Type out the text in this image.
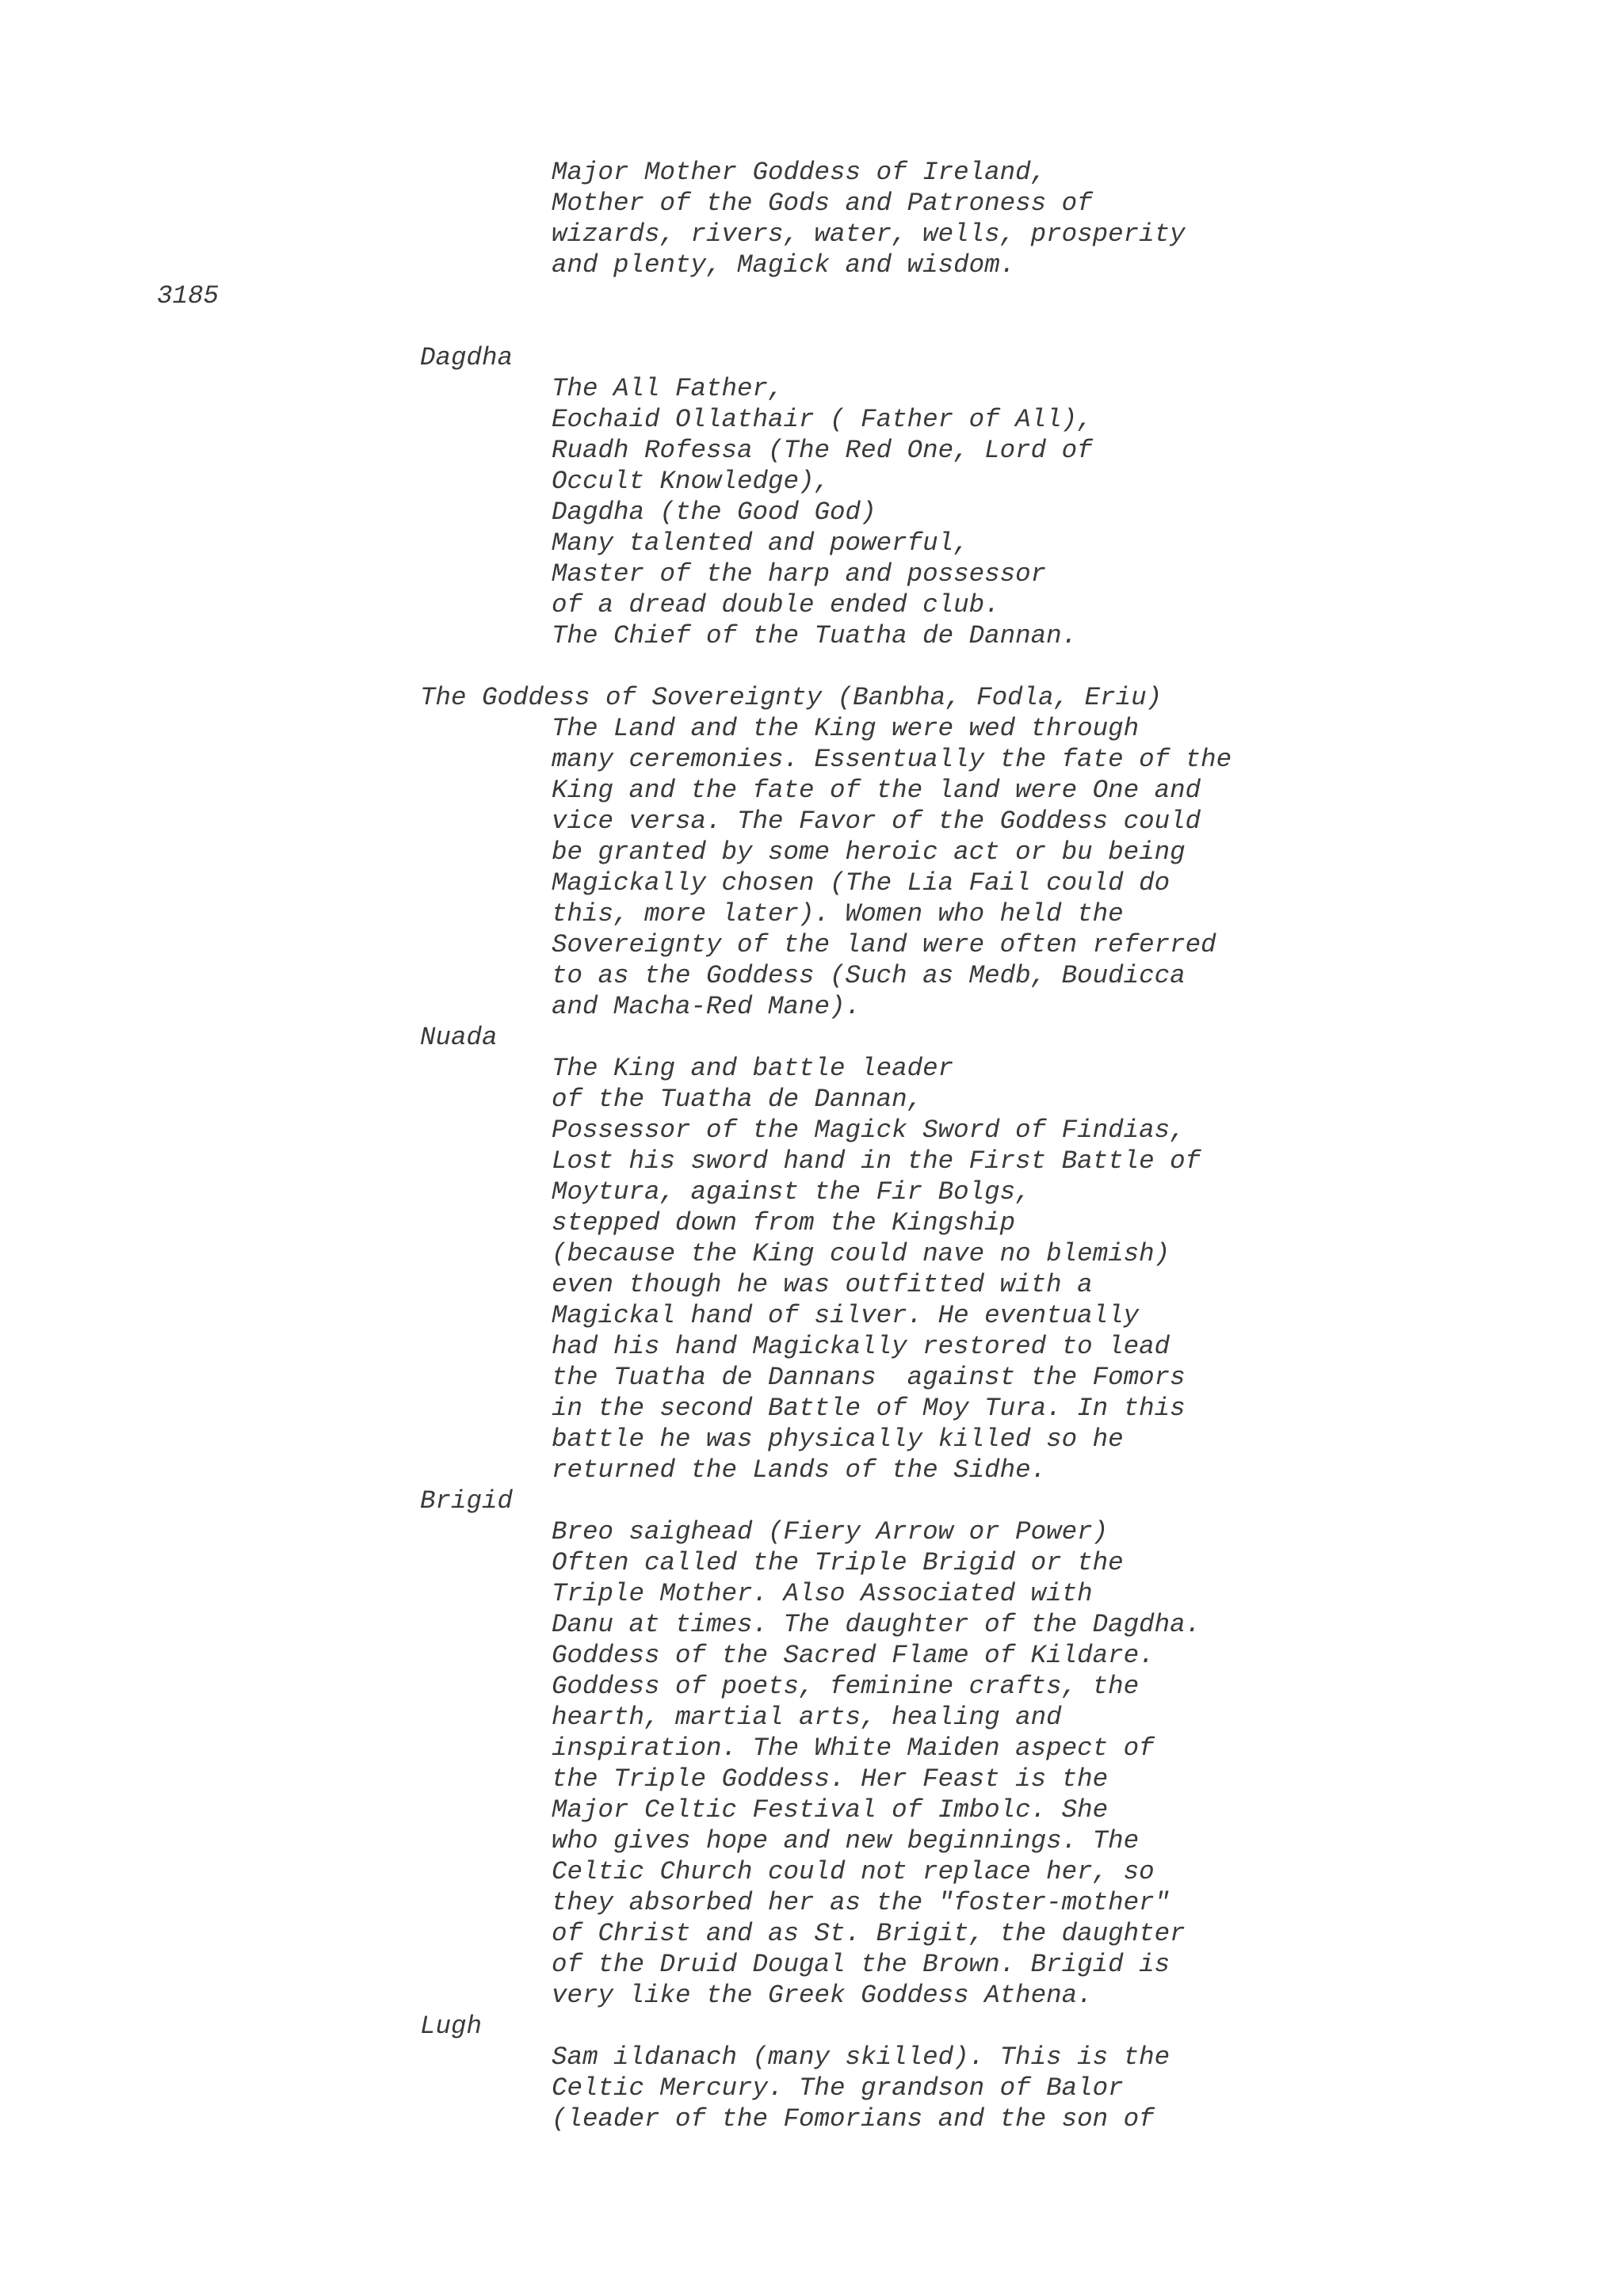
Major Mother Goddess of Ireland,

Mother of the Gods and Patroness of

wizards, rivers, water, wells, prosperity

and plenty, Magick and wisdom.

3185

Dagdha

The All Father,

Eochaid Ollathair ( Father of All),

Ruadh Rofessa (The Red One, Lord of

Occult Knowledge),

Dagdha (the Good God)

Many talented and powerful,

Master of the harp and possessor

of a dread double ended club.

The Chief of the Tuatha de Dannan.

The Goddess of Sovereignty (Banbha, Fodla, Eriu)

The Land and the King were wed through

many ceremonies. Essentually the fate of the

King and the fate of the land were One and

vice versa. The Favor of the Goddess could

be granted by some heroic act or bu being

Magickally chosen (The Lia Fail could do

this, more later). Women who held the

Sovereignty of the land were often referred

to as the Goddess (Such as Medb, Boudicca

and Macha-Red Mane).

Nuada

The King and battle leader

of the Tuatha de Dannan,

Possessor of the Magick Sword of Findias,

Lost his sword hand in the First Battle of

Moytura, against the Fir Bolgs,

stepped down from the Kingship

(because the King could nave no blemish)

even though he was outfitted with a

Magickal hand of silver. He eventually

had his hand Magickally restored to lead

the Tuatha de Dannans  against the Fomors

in the second Battle of Moy Tura. In this

battle he was physically killed so he

returned the Lands of the Sidhe.

Brigid

Breo saighead (Fiery Arrow or Power)

Often called the Triple Brigid or the

Triple Mother. Also Associated with

Danu at times. The daughter of the Dagdha.

Goddess of the Sacred Flame of Kildare.

Goddess of poets, feminine crafts, the

hearth, martial arts, healing and

inspiration. The White Maiden aspect of

the Triple Goddess. Her Feast is the

Major Celtic Festival of Imbolc. She

who gives hope and new beginnings. The

Celtic Church could not replace her, so

they absorbed her as the "foster-mother"

of Christ and as St. Brigit, the daughter

of the Druid Dougal the Brown. Brigid is

very like the Greek Goddess Athena.

Lugh

Sam ildanach (many skilled). This is the

Celtic Mercury. The grandson of Balor

(leader of the Fomorians and the son of
